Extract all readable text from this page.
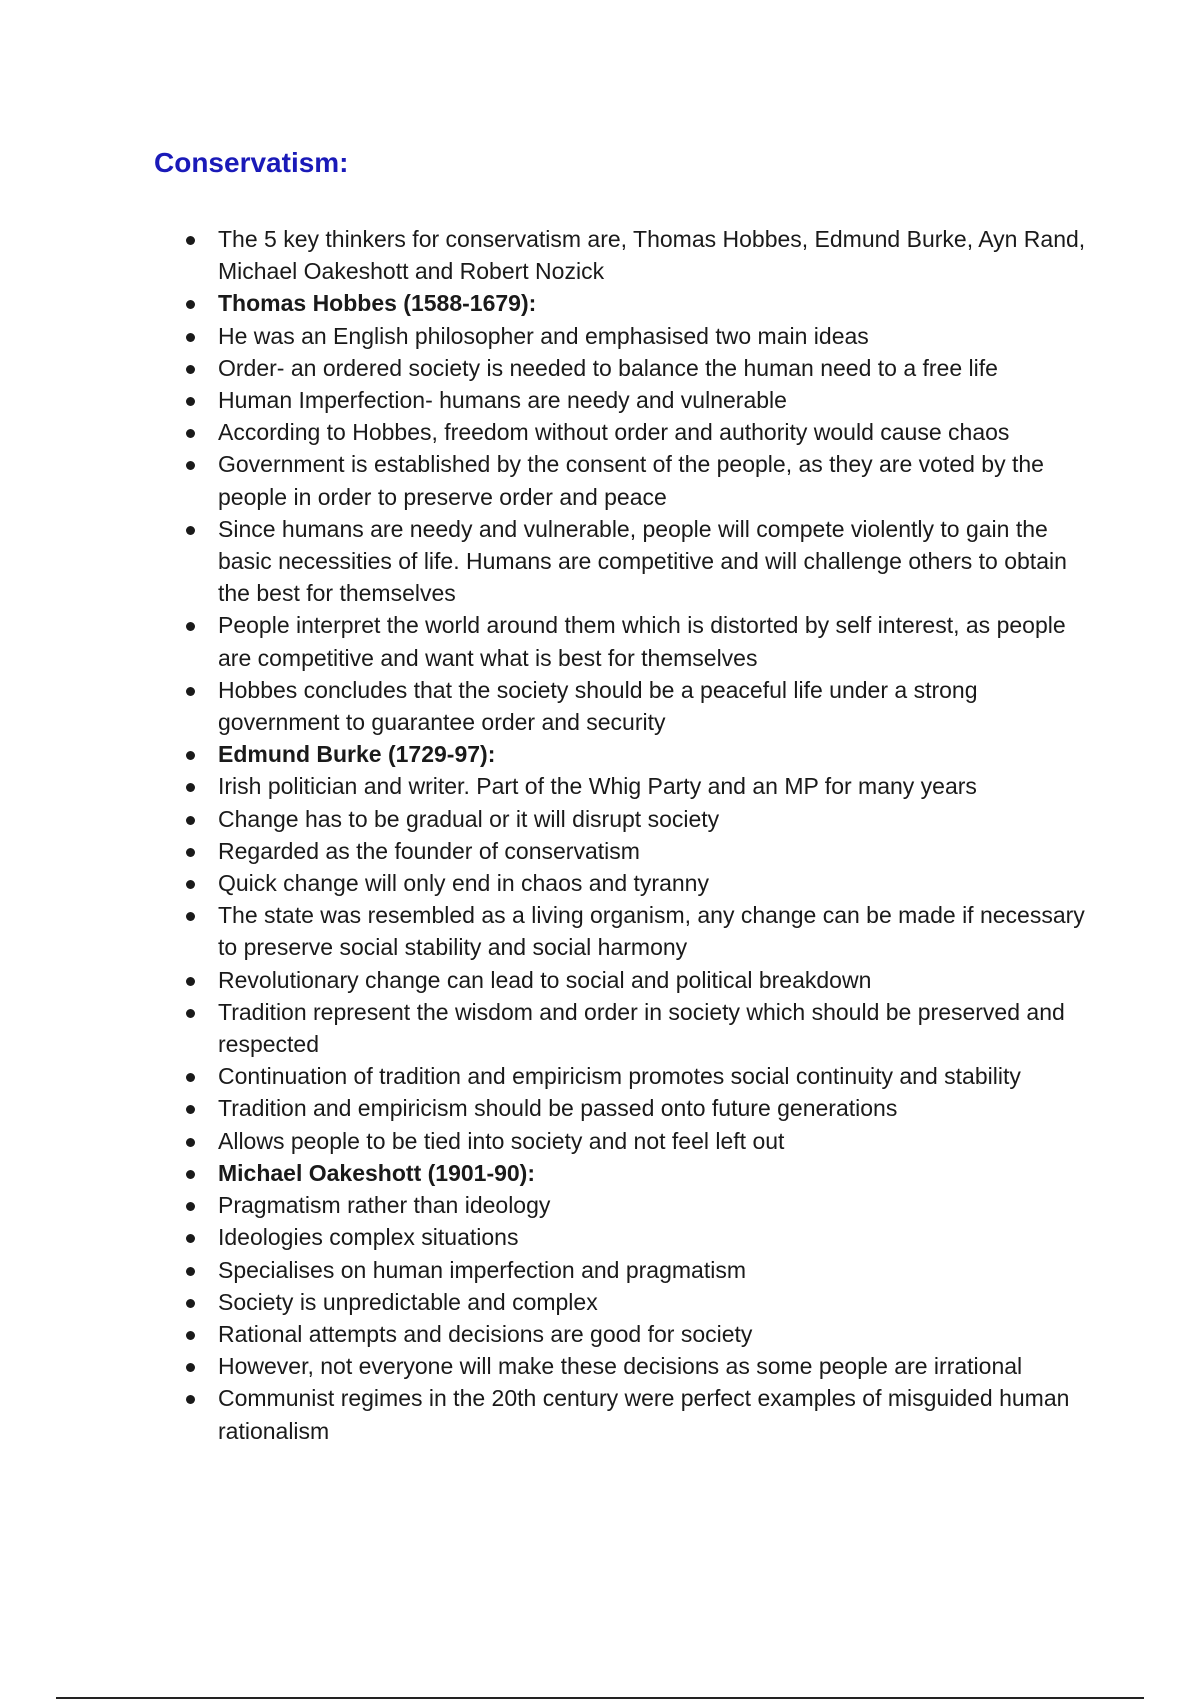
Conservatism:
The 5 key thinkers for conservatism are, Thomas Hobbes, Edmund Burke, Ayn Rand, Michael Oakeshott and Robert Nozick
Thomas Hobbes (1588-1679):
He was an English philosopher and emphasised two main ideas
Order- an ordered society is needed to balance the human need to a free life
Human Imperfection- humans are needy and vulnerable
According to Hobbes, freedom without order and authority would cause chaos
Government is established by the consent of the people, as they are voted by the people in order to preserve order and peace
Since humans are needy and vulnerable, people will compete violently to gain the basic necessities of life. Humans are competitive and will challenge others to obtain the best for themselves
People interpret the world around them which is distorted by self interest, as people are competitive and want what is best for themselves
Hobbes concludes that the society should be a peaceful life under a strong government to guarantee order and security
Edmund Burke (1729-97):
Irish politician and writer. Part of the Whig Party and an MP for many years
Change has to be gradual or it will disrupt society
Regarded as the founder of conservatism
Quick change will only end in chaos and tyranny
The state was resembled as a living organism, any change can be made if necessary to preserve social stability and social harmony
Revolutionary change can lead to social and political breakdown
Tradition represent the wisdom and order in society which should be preserved and respected
Continuation of tradition and empiricism promotes social continuity and stability
Tradition and empiricism should be passed onto future generations
Allows people to be tied into society and not feel left out
Michael Oakeshott (1901-90):
Pragmatism rather than ideology
Ideologies complex situations
Specialises on human imperfection and pragmatism
Society is unpredictable and complex
Rational attempts and decisions are good for society
However, not everyone will make these decisions as some people are irrational
Communist regimes in the 20th century were perfect examples of misguided human rationalism
